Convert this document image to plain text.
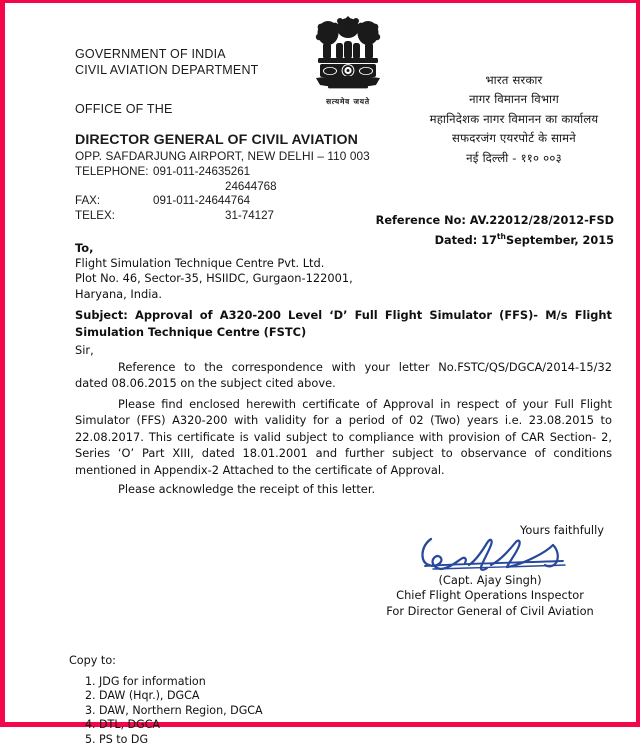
GOVERNMENT OF INDIA
CIVIL AVIATION DEPARTMENT
OFFICE OF THE
DIRECTOR GENERAL OF CIVIL AVIATION
OPP. SAFDARJUNG AIRPORT, NEW DELHI – 110 003
TELEPHONE:	091-011-24635261
	24644768
FAX:	091-011-24644764
TELEX:	31-74127
सत्यमेव जयते
भारत सरकार
नागर विमानन विभाग
महानिदेशक नागर विमानन का कार्यालय
सफदरजंग एयरपोर्ट के सामने
नई दिल्ली - ११० ००३
Reference No: AV.22012/28/2012-FSD
Dated: 17thSeptember, 2015
To,
Flight Simulation Technique Centre Pvt. Ltd.
Plot No. 46, Sector-35, HSIIDC, Gurgaon-122001,
Haryana, India.
Subject: Approval of A320-200 Level ‘D’ Full Flight Simulator (FFS)- M/s Flight Simulation Technique Centre (FSTC)
Sir,
Reference to the correspondence with your letter No.FSTC/QS/DGCA/2014-15/32 dated 08.06.2015 on the subject cited above.
Please find enclosed herewith certificate of Approval in respect of your Full Flight Simulator (FFS) A320-200 with validity for a period of 02 (Two) years i.e. 23.08.2015 to 22.08.2017. This certificate is valid subject to compliance with provision of CAR Section- 2, Series ‘O’ Part XIII, dated 18.01.2001 and further subject to observance of conditions mentioned in Appendix-2 Attached to the certificate of Approval.
Please acknowledge the receipt of this letter.
Yours faithfully
(Capt. Ajay Singh)
Chief Flight Operations Inspector
For Director General of Civil Aviation
Copy to:
1. JDG for information
2. DAW (Hqr.), DGCA
3. DAW, Northern Region, DGCA
4. DTL, DGCA
5. PS to DG
